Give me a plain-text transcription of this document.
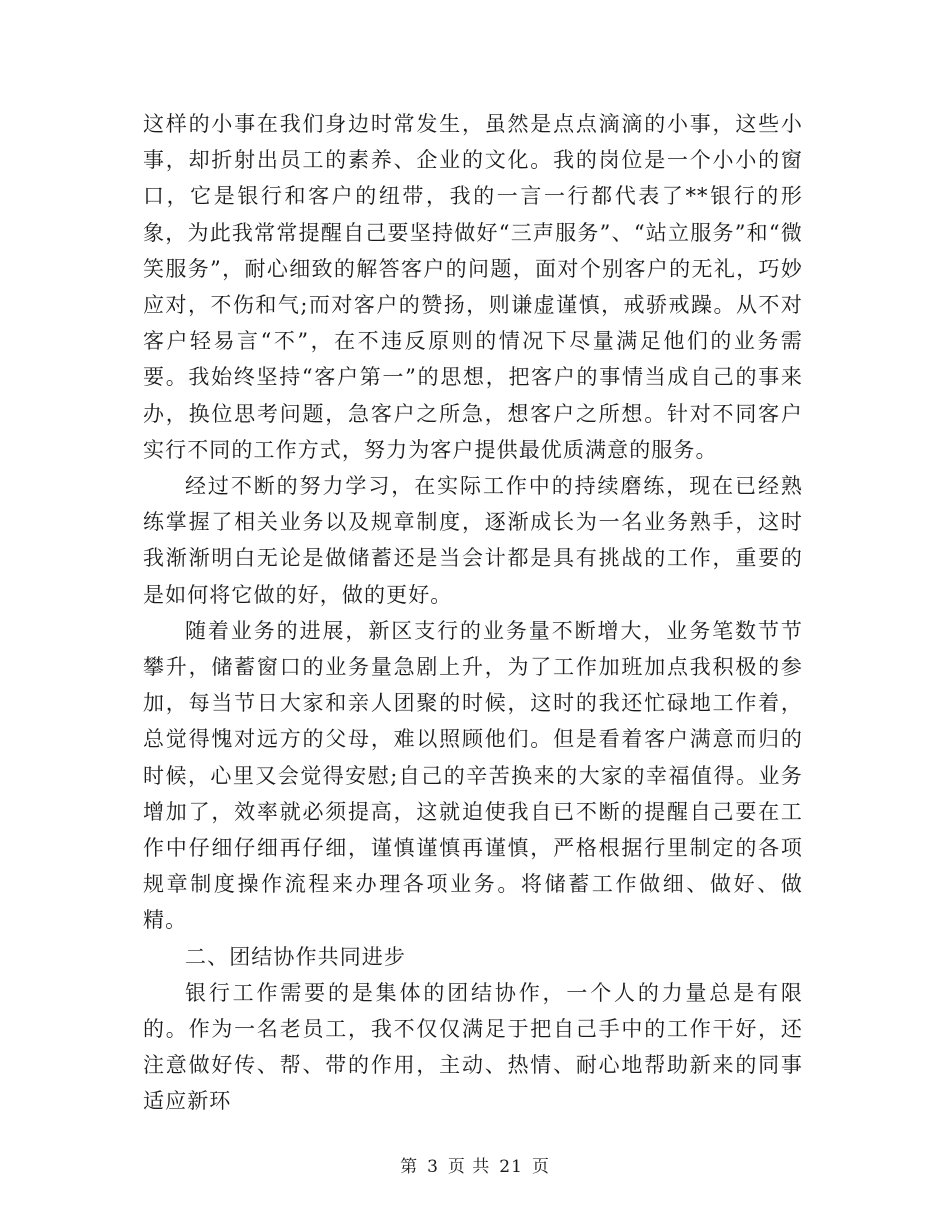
这样的小事在我们身边时常发生，虽然是点点滴滴的小事，这些小事，却折射出员工的素养、企业的文化。我的岗位是一个小小的窗口，它是银行和客户的纽带，我的一言一行都代表了**银行的形象，为此我常常提醒自己要坚持做好“三声服务”、“站立服务”和“微笑服务”，耐心细致的解答客户的问题，面对个别客户的无礼，巧妙应对，不伤和气;而对客户的赞扬，则谦虚谨慎，戒骄戒躁。从不对客户轻易言“不”，在不违反原则的情况下尽量满足他们的业务需要。我始终坚持“客户第一”的思想，把客户的事情当成自己的事来办，换位思考问题，急客户之所急，想客户之所想。针对不同客户实行不同的工作方式，努力为客户提供最优质满意的服务。

经过不断的努力学习，在实际工作中的持续磨练，现在已经熟练掌握了相关业务以及规章制度，逐渐成长为一名业务熟手，这时我渐渐明白无论是做储蓄还是当会计都是具有挑战的工作，重要的是如何将它做的好，做的更好。

随着业务的进展，新区支行的业务量不断增大，业务笔数节节攀升，储蓄窗口的业务量急剧上升，为了工作加班加点我积极的参加，每当节日大家和亲人团聚的时候，这时的我还忙碌地工作着，总觉得愧对远方的父母，难以照顾他们。但是看着客户满意而归的时候，心里又会觉得安慰;自己的辛苦换来的大家的幸福值得。业务增加了，效率就必须提高，这就迫使我自已不断的提醒自己要在工作中仔细仔细再仔细，谨慎谨慎再谨慎，严格根据行里制定的各项规章制度操作流程来办理各项业务。将储蓄工作做细、做好、做精。

二、团结协作共同进步

银行工作需要的是集体的团结协作，一个人的力量总是有限的。作为一名老员工，我不仅仅满足于把自己手中的工作干好，还注意做好传、帮、带的作用，主动、热情、耐心地帮助新来的同事适应新环

第 3 页 共 21 页
